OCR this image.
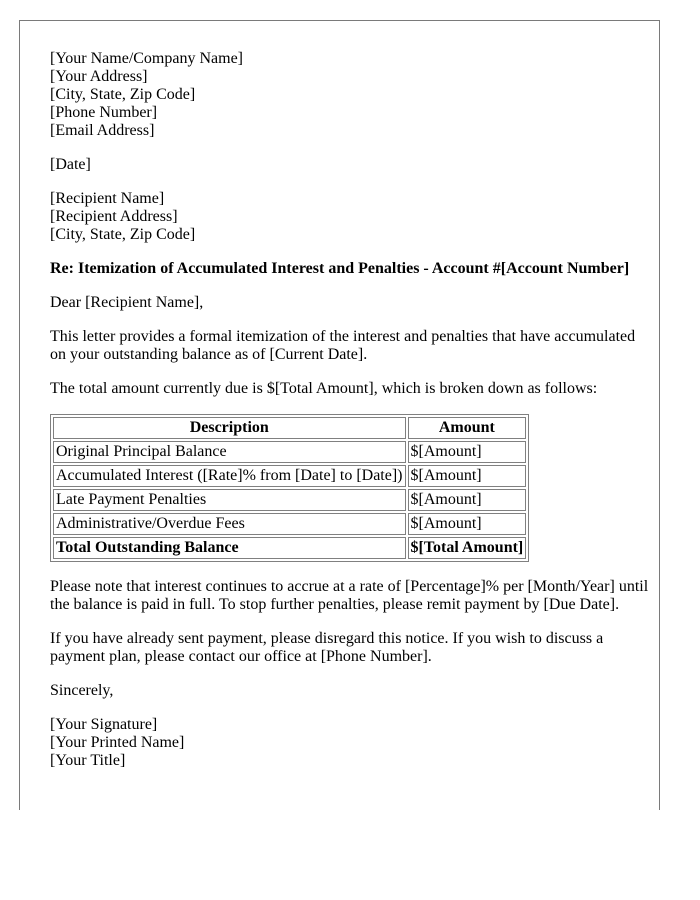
[Your Name/Company Name]
[Your Address]
[City, State, Zip Code]
[Phone Number]
[Email Address]
[Date]
[Recipient Name]
[Recipient Address]
[City, State, Zip Code]
Re: Itemization of Accumulated Interest and Penalties - Account #[Account Number]

Dear [Recipient Name],

This letter provides a formal itemization of the interest and penalties that have accumulated on your outstanding balance as of [Current Date].

The total amount currently due is $[Total Amount], which is broken down as follows:

Description	Amount
Original Principal Balance	$[Amount]
Accumulated Interest ([Rate]% from [Date] to [Date])	$[Amount]
Late Payment Penalties	$[Amount]
Administrative/Overdue Fees	$[Amount]
Total Outstanding Balance	$[Total Amount]

Please note that interest continues to accrue at a rate of [Percentage]% per [Month/Year] until the balance is paid in full. To stop further penalties, please remit payment by [Due Date].

If you have already sent payment, please disregard this notice. If you wish to discuss a payment plan, please contact our office at [Phone Number].

Sincerely,

[Your Signature]
[Your Printed Name]
[Your Title]
